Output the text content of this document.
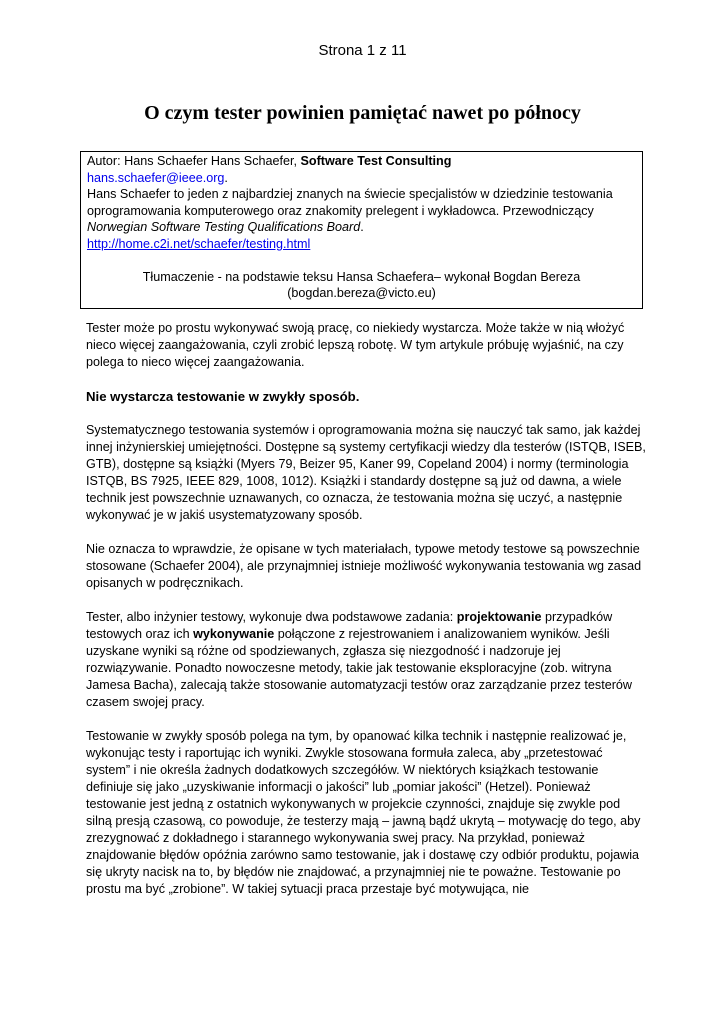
Strona 1 z 11
O czym tester powinien pamiętać nawet po północy

Autor: Hans Schaefer Hans Schaefer, Software Test Consulting

hans.schaefer@ieee.org.

Hans Schaefer to jeden z najbardziej znanych na świecie specjalistów w dziedzinie testowania oprogramowania komputerowego oraz znakomity prelegent i wykładowca. Przewodniczący Norwegian Software Testing Qualifications Board.

http://home.c2i.net/schaefer/testing.html

Tłumaczenie - na podstawie teksu Hansa Schaefera– wykonał Bogdan Bereza
(bogdan.bereza@victo.eu)

Tester może po prostu wykonywać swoją pracę, co niekiedy wystarcza. Może także w nią włożyć nieco więcej zaangażowania, czyli zrobić lepszą robotę. W tym artykule próbuję wyjaśnić, na czy polega to nieco więcej zaangażowania.

Nie wystarcza testowanie w zwykły sposób.

Systematycznego testowania systemów i oprogramowania można się nauczyć tak samo, jak każdej innej inżynierskiej umiejętności. Dostępne są systemy certyfikacji wiedzy dla testerów (ISTQB, ISEB, GTB), dostępne są książki (Myers 79, Beizer 95, Kaner 99, Copeland 2004) i normy (terminologia ISTQB, BS 7925, IEEE 829, 1008, 1012). Książki i standardy dostępne są już od dawna, a wiele technik jest powszechnie uznawanych, co oznacza, że testowania można się uczyć, a następnie wykonywać je w jakiś usystematyzowany sposób.

Nie oznacza to wprawdzie, że opisane w tych materiałach, typowe metody testowe są powszechnie stosowane (Schaefer 2004), ale przynajmniej istnieje możliwość wykonywania testowania wg zasad opisanych w podręcznikach.

Tester, albo inżynier testowy, wykonuje dwa podstawowe zadania: projektowanie przypadków testowych oraz ich wykonywanie połączone z rejestrowaniem i analizowaniem wyników. Jeśli uzyskane wyniki są różne od spodziewanych, zgłasza się niezgodność i nadzoruje jej rozwiązywanie. Ponadto nowoczesne metody, takie jak testowanie eksploracyjne (zob. witryna Jamesa Bacha), zalecają także stosowanie automatyzacji testów oraz zarządzanie przez testerów czasem swojej pracy.

Testowanie w zwykły sposób polega na tym, by opanować kilka technik i następnie realizować je, wykonując testy i raportując ich wyniki. Zwykle stosowana formuła zaleca, aby „przetestować system” i nie określa żadnych dodatkowych szczegółów. W niektórych książkach testowanie definiuje się jako „uzyskiwanie informacji o jakości” lub „pomiar jakości” (Hetzel). Ponieważ testowanie jest jedną z ostatnich wykonywanych w projekcie czynności, znajduje się zwykle pod silną presją czasową, co powoduje, że testerzy mają – jawną bądź ukrytą – motywację do tego, aby zrezygnować z dokładnego i starannego wykonywania swej pracy. Na przykład, ponieważ znajdowanie błędów opóźnia zarówno samo testowanie, jak i dostawę czy odbiór produktu, pojawia się ukryty nacisk na to, by błędów nie znajdować, a przynajmniej nie te poważne. Testowanie po prostu ma być „zrobione”. W takiej sytuacji praca przestaje być motywująca, nie
